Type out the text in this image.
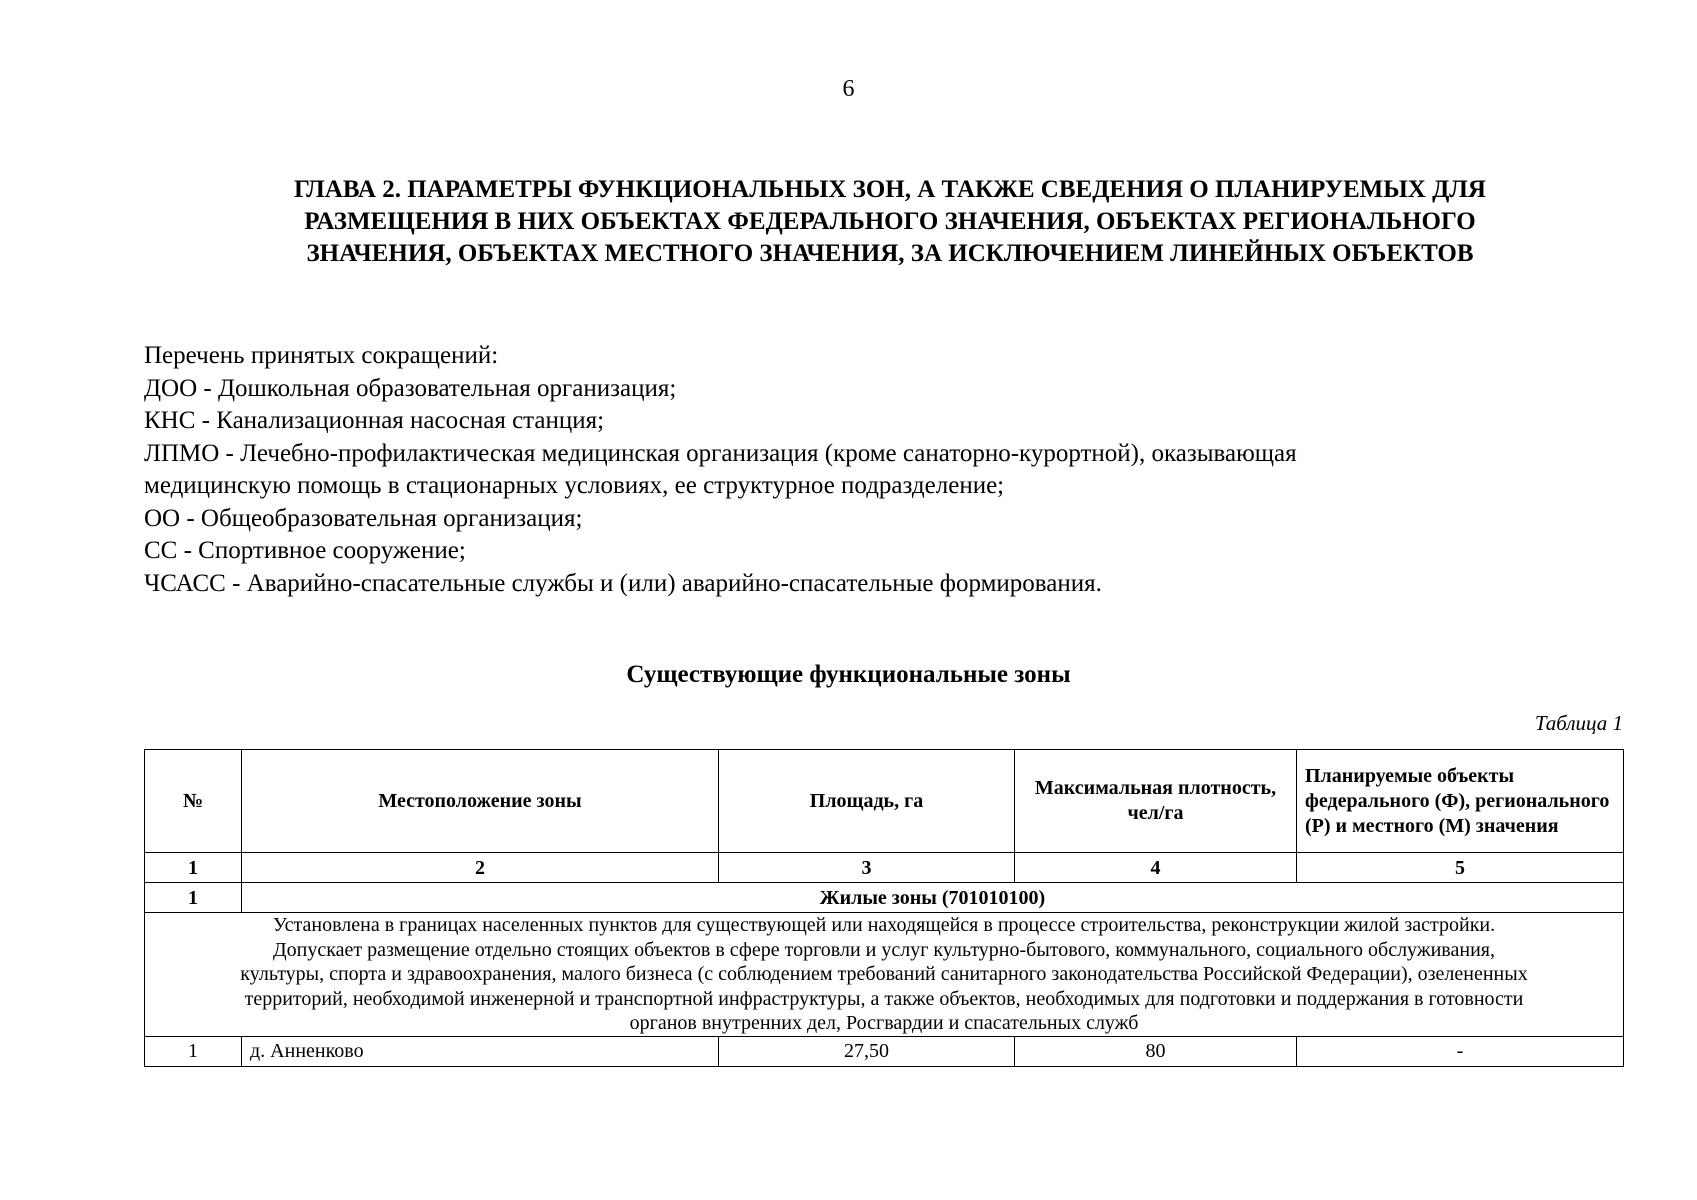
6
ГЛАВА 2. ПАРАМЕТРЫ ФУНКЦИОНАЛЬНЫХ ЗОН, А ТАКЖЕ СВЕДЕНИЯ О ПЛАНИРУЕМЫХ ДЛЯ
РАЗМЕЩЕНИЯ В НИХ ОБЪЕКТАХ ФЕДЕРАЛЬНОГО ЗНАЧЕНИЯ, ОБЪЕКТАХ РЕГИОНАЛЬНОГО
ЗНАЧЕНИЯ, ОБЪЕКТАХ МЕСТНОГО ЗНАЧЕНИЯ, ЗА ИСКЛЮЧЕНИЕМ ЛИНЕЙНЫХ ОБЪЕКТОВ
Перечень принятых сокращений:
ДОО - Дошкольная образовательная организация;
КНС - Канализационная насосная станция;
ЛПМО - Лечебно-профилактическая медицинская организация (кроме санаторно-курортной), оказывающая
медицинскую помощь в стационарных условиях, ее структурное подразделение;
ОО - Общеобразовательная организация;
СС - Спортивное сооружение;
ЧСАСС - Аварийно-спасательные службы и (или) аварийно-спасательные формирования.
Существующие функциональные зоны
Таблица 1
№	Местоположение зоны	Площадь, га	Максимальная плотность, чел/га	Планируемые объекты федерального (Ф), регионального (Р) и местного (М) значения
1	2	3	4	5
1	Жилые зоны (701010100)			

Установлена в границах населенных пунктов для существующей или находящейся в процессе строительства, реконструкции жилой застройки.
Допускает размещение отдельно стоящих объектов в сфере торговли и услуг культурно-бытового, коммунального, социального обслуживания,
культуры, спорта и здравоохранения, малого бизнеса (с соблюдением требований санитарного законодательства Российской Федерации), озелененных
территорий, необходимой инженерной и транспортной инфраструктуры, а также объектов, необходимых для подготовки и поддержания в готовности
органов внутренних дел, Росгвардии и спасательных служб				

1	д. Анненково	27,50	80	-
